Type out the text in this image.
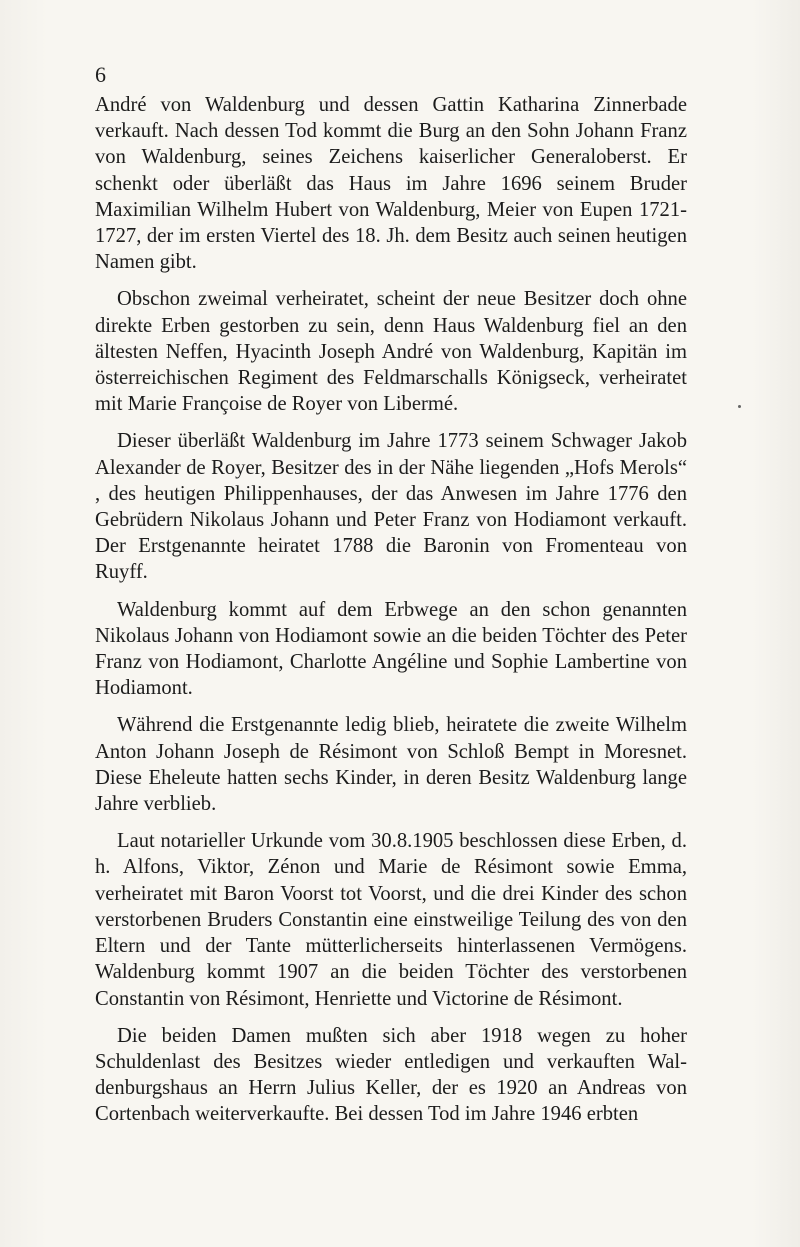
6

André von Waldenburg und dessen Gattin Katharina Zinnerbade verkauft. Nach dessen Tod kommt die Burg an den Sohn Johann Franz von Waldenburg, seines Zeichens kaiserlicher Generaloberst. Er schenkt oder überläßt das Haus im Jahre 1696 seinem Bruder Maximilian Wilhelm Hubert von Waldenburg, Meier von Eupen 1721-1727, der im ersten Viertel des 18. Jh. dem Besitz auch seinen heutigen Namen gibt.

Obschon zweimal verheiratet, scheint der neue Besitzer doch ohne direkte Erben gestorben zu sein, denn Haus Waldenburg fiel an den ältesten Neffen, Hyacinth Joseph André von Waldenburg, Kapitän im österreichischen Regiment des Feldmarschalls Königseck, verheiratet mit Marie Françoise de Royer von Libermé.

Dieser überläßt Waldenburg im Jahre 1773 seinem Schwager Jakob Alexander de Royer, Besitzer des in der Nähe liegenden „Hofs Merols“ , des heutigen Philippenhauses, der das Anwesen im Jahre 1776 den Gebrüdern Nikolaus Johann und Peter Franz von Hodiamont verkauft. Der Erstgenannte heiratet 1788 die Baronin von Fromenteau von Ruyff.

Waldenburg kommt auf dem Erbwege an den schon genannten Nikolaus Johann von Hodiamont sowie an die beiden Töchter des Peter Franz von Hodiamont, Charlotte Angéline und Sophie Lambertine von Hodiamont.

Während die Erstgenannte ledig blieb, heiratete die zweite Wilhelm Anton Johann Joseph de Résimont von Schloß Bempt in Moresnet. Diese Eheleute hatten sechs Kinder, in deren Besitz Waldenburg lange Jahre verblieb.

Laut notarieller Urkunde vom 30.8.1905 beschlossen diese Erben, d. h. Alfons, Viktor, Zénon und Marie de Résimont sowie Emma, verheiratet mit Baron Voorst tot Voorst, und die drei Kinder des schon verstorbenen Bruders Constantin eine einstweilige Teilung des von den Eltern und der Tante mütterlicherseits hinterlassenen Vermögens. Waldenburg kommt 1907 an die beiden Töchter des verstorbenen Constantin von Résimont, Henriette und Victorine de Résimont.

Die beiden Damen mußten sich aber 1918 wegen zu hoher Schuldenlast des Besitzes wieder entledigen und verkauften Waldenburgshaus an Herrn Julius Keller, der es 1920 an Andreas von Cortenbach weiterverkaufte. Bei dessen Tod im Jahre 1946 erbten
